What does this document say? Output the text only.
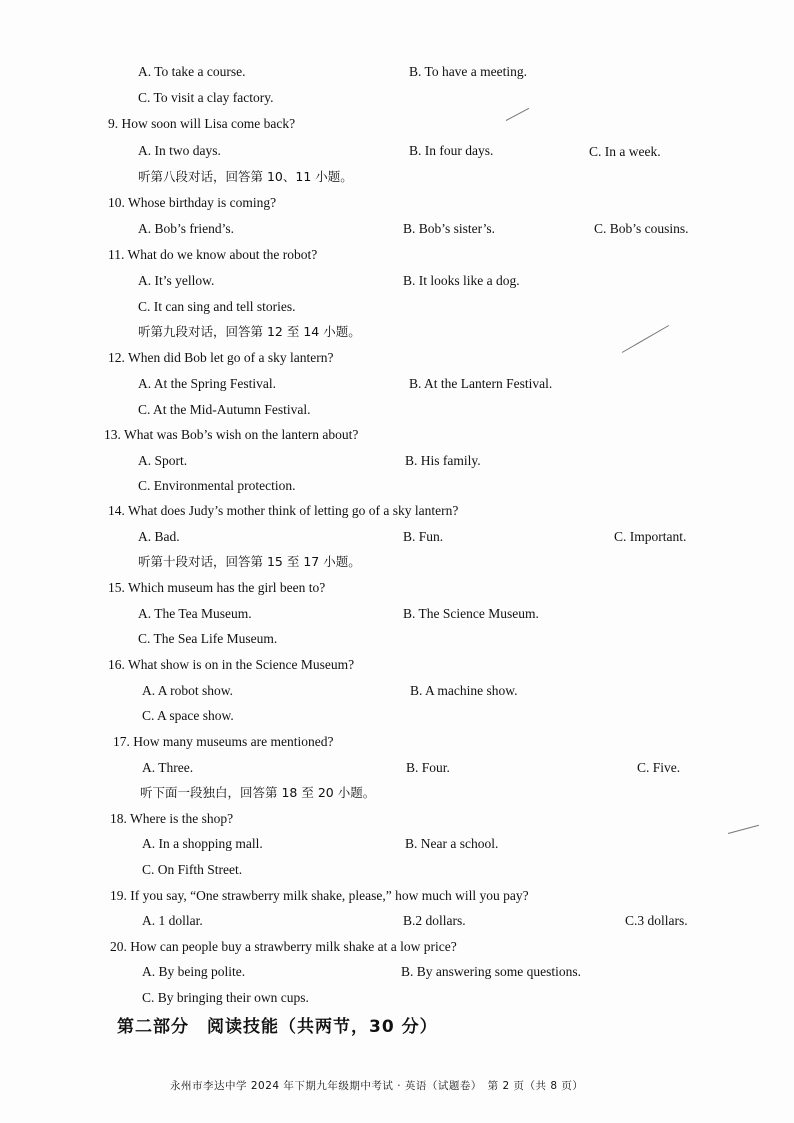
A. To take a course.	B. To have a meeting.
C. To visit a clay factory.
9. How soon will Lisa come back?
A. In two days.	B. In four days.	C. In a week.
听第八段对话，回答第 10、11 小题。
10. Whose birthday is coming?
A. Bob’s friend’s.	B. Bob’s sister’s.	C. Bob’s cousins.
11. What do we know about the robot?
A. It’s yellow.	B. It looks like a dog.
C. It can sing and tell stories.
听第九段对话，回答第 12 至 14 小题。
12. When did Bob let go of a sky lantern?
A. At the Spring Festival.	B. At the Lantern Festival.
C. At the Mid-Autumn Festival.
13. What was Bob’s wish on the lantern about?
A. Sport.	B. His family.
C. Environmental protection.
14. What does Judy’s mother think of letting go of a sky lantern?
A. Bad.	B. Fun.	C. Important.
听第十段对话，回答第 15 至 17 小题。
15. Which museum has the girl been to?
A. The Tea Museum.	B. The Science Museum.
C. The Sea Life Museum.
16. What show is on in the Science Museum?
A. A robot show.	B. A machine show.
C. A space show.
17. How many museums are mentioned?
A. Three.	B. Four.	C. Five.
听下面一段独白，回答第 18 至 20 小题。
18. Where is the shop?
A. In a shopping mall.	B. Near a school.
C. On Fifth Street.
19. If you say, “One strawberry milk shake, please,” how much will you pay?
A. 1 dollar.	B.2 dollars.	C.3 dollars.
20. How can people buy a strawberry milk shake at a low price?
A. By being polite.	B. By answering some questions.
C. By bringing their own cups.
第二部分　阅读技能（共两节，30 分）
永州市李达中学 2024 年下期九年级期中考试 · 英语（试题卷）　第 2 页（共 8 页）
